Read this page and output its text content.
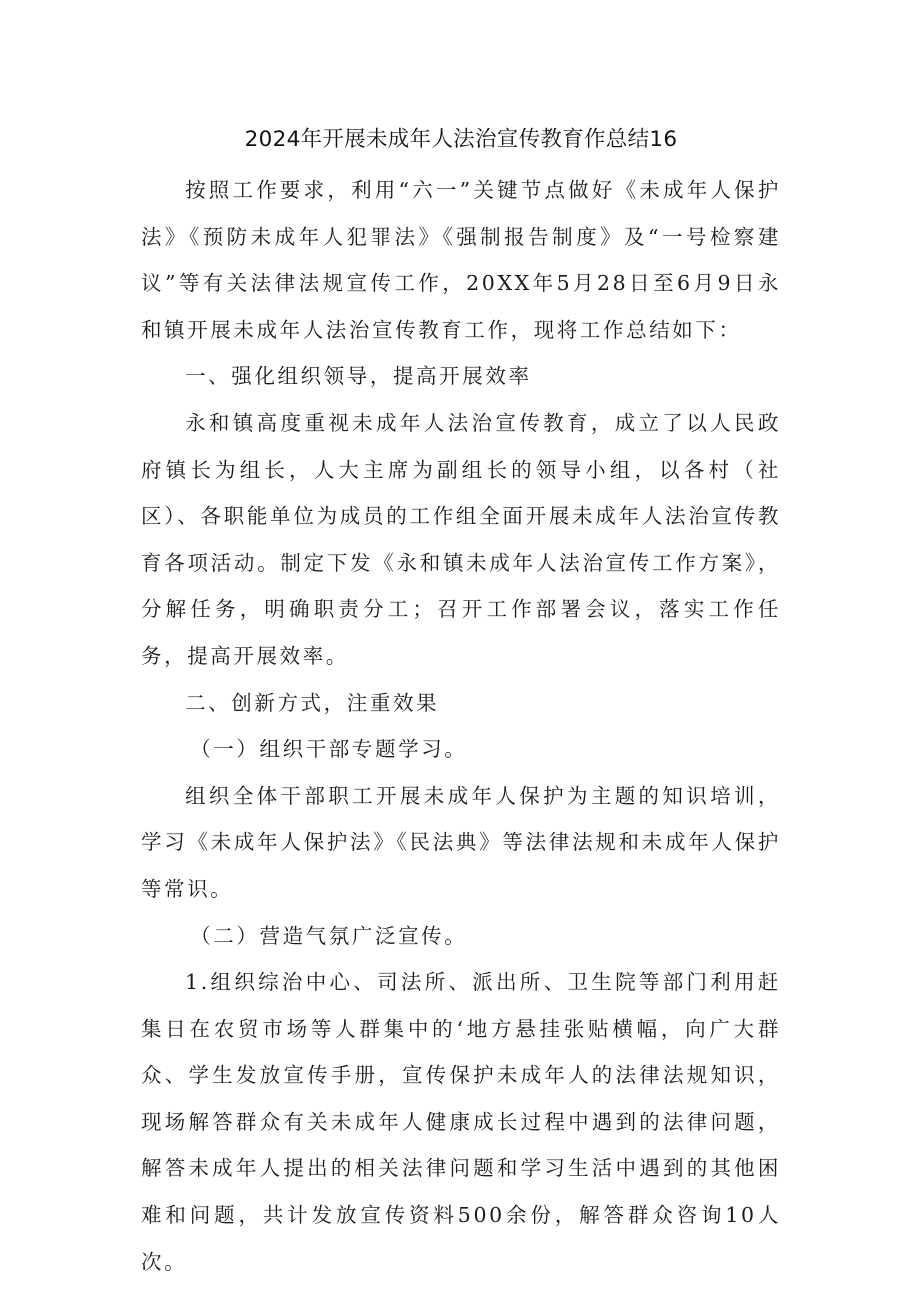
2024年开展未成年人法治宣传教育作总结16

按照工作要求，利用“六一”关键节点做好《未成年人保护法》《预防未成年人犯罪法》《强制报告制度》及“一号检察建议”等有关法律法规宣传工作，20XX年5月28日至6月9日永和镇开展未成年人法治宣传教育工作，现将工作总结如下：

一、强化组织领导，提高开展效率

永和镇高度重视未成年人法治宣传教育，成立了以人民政府镇长为组长，人大主席为副组长的领导小组，以各村（社区）、各职能单位为成员的工作组全面开展未成年人法治宣传教育各项活动。制定下发《永和镇未成年人法治宣传工作方案》，分解任务，明确职责分工；召开工作部署会议，落实工作任务，提高开展效率。

二、创新方式，注重效果

（一）组织干部专题学习。

组织全体干部职工开展未成年人保护为主题的知识培训，学习《未成年人保护法》《民法典》等法律法规和未成年人保护等常识。

（二）营造气氛广泛宣传。

1.组织综治中心、司法所、派出所、卫生院等部门利用赶集日在农贸市场等人群集中的‘地方悬挂张贴横幅，向广大群众、学生发放宣传手册，宣传保护未成年人的法律法规知识，现场解答群众有关未成年人健康成长过程中遇到的法律问题，解答未成年人提出的相关法律问题和学习生活中遇到的其他困难和问题，共计发放宣传资料500余份，解答群众咨询10人次。
